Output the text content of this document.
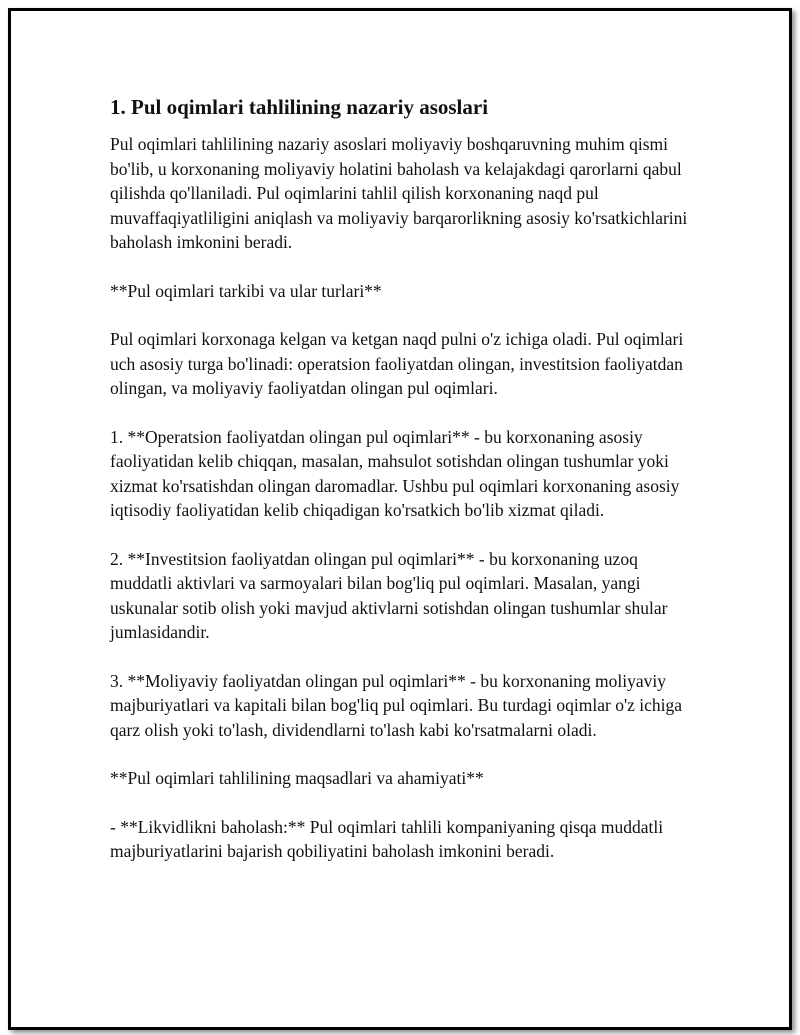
1. Pul oqimlari tahlilining nazariy asoslari

Pul oqimlari tahlilining nazariy asoslari moliyaviy boshqaruvning muhim qismi bo'lib, u korxonaning moliyaviy holatini baholash va kelajakdagi qarorlarni qabul qilishda qo'llaniladi. Pul oqimlarini tahlil qilish korxonaning naqd pul muvaffaqiyatliligini aniqlash va moliyaviy barqarorlikning asosiy ko'rsatkichlarini baholash imkonini beradi.

**Pul oqimlari tarkibi va ular turlari**

Pul oqimlari korxonaga kelgan va ketgan naqd pulni o'z ichiga oladi. Pul oqimlari uch asosiy turga bo'linadi: operatsion faoliyatdan olingan, investitsion faoliyatdan olingan, va moliyaviy faoliyatdan olingan pul oqimlari.

1. **Operatsion faoliyatdan olingan pul oqimlari** - bu korxonaning asosiy faoliyatidan kelib chiqqan, masalan, mahsulot sotishdan olingan tushumlar yoki xizmat ko'rsatishdan olingan daromadlar. Ushbu pul oqimlari korxonaning asosiy iqtisodiy faoliyatidan kelib chiqadigan ko'rsatkich bo'lib xizmat qiladi.

2. **Investitsion faoliyatdan olingan pul oqimlari** - bu korxonaning uzoq muddatli aktivlari va sarmoyalari bilan bog'liq pul oqimlari. Masalan, yangi uskunalar sotib olish yoki mavjud aktivlarni sotishdan olingan tushumlar shular jumlasidandir.

3. **Moliyaviy faoliyatdan olingan pul oqimlari** - bu korxonaning moliyaviy majburiyatlari va kapitali bilan bog'liq pul oqimlari. Bu turdagi oqimlar o'z ichiga qarz olish yoki to'lash, dividendlarni to'lash kabi ko'rsatmalarni oladi.

**Pul oqimlari tahlilining maqsadlari va ahamiyati**

- **Likvidlikni baholash:** Pul oqimlari tahlili kompaniyaning qisqa muddatli majburiyatlarini bajarish qobiliyatini baholash imkonini beradi.
